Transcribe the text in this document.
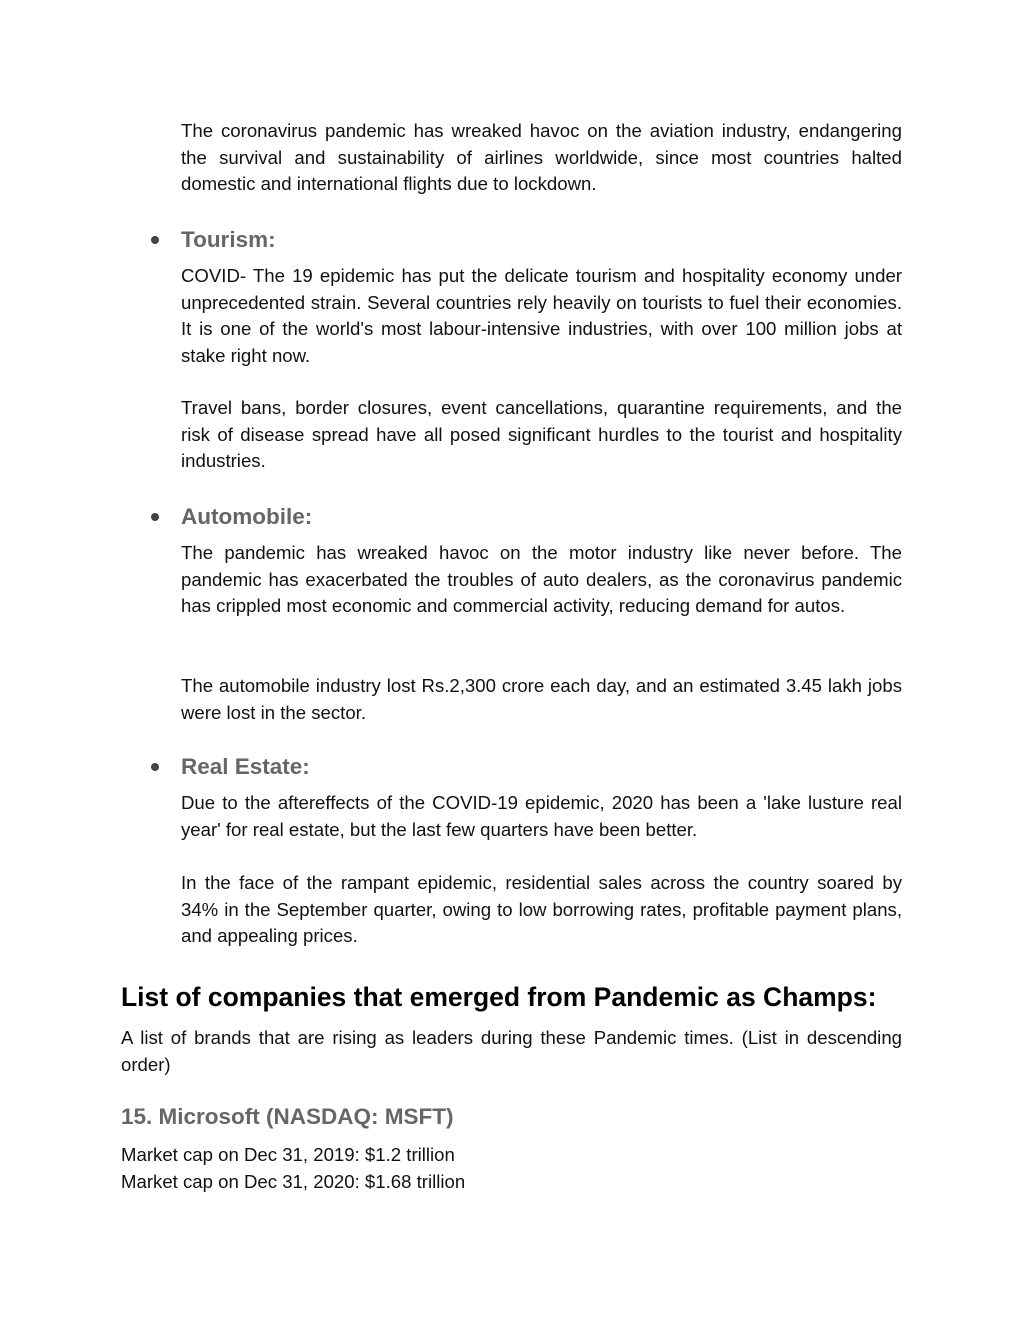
The coronavirus pandemic has wreaked havoc on the aviation industry, endangering the survival and sustainability of airlines worldwide, since most countries halted domestic and international flights due to lockdown.

Tourism:

COVID- The 19 epidemic has put the delicate tourism and hospitality economy under unprecedented strain. Several countries rely heavily on tourists to fuel their economies. It is one of the world's most labour-intensive industries, with over 100 million jobs at stake right now.

Travel bans, border closures, event cancellations, quarantine requirements, and the risk of disease spread have all posed significant hurdles to the tourist and hospitality industries.

Automobile:

The pandemic has wreaked havoc on the motor industry like never before. The pandemic has exacerbated the troubles of auto dealers, as the coronavirus pandemic has crippled most economic and commercial activity, reducing demand for autos.

The automobile industry lost Rs.2,300 crore each day, and an estimated 3.45 lakh jobs were lost in the sector.

Real Estate:

Due to the aftereffects of the COVID-19 epidemic, 2020 has been a 'lake lusture real year' for real estate, but the last few quarters have been better.

In the face of the rampant epidemic, residential sales across the country soared by 34% in the September quarter, owing to low borrowing rates, profitable payment plans, and appealing prices.

List of companies that emerged from Pandemic as Champs:

A list of brands that are rising as leaders during these Pandemic times. (List in descending order)

15. Microsoft (NASDAQ: MSFT)

Market cap on Dec 31, 2019: $1.2 trillion

Market cap on Dec 31, 2020: $1.68 trillion
